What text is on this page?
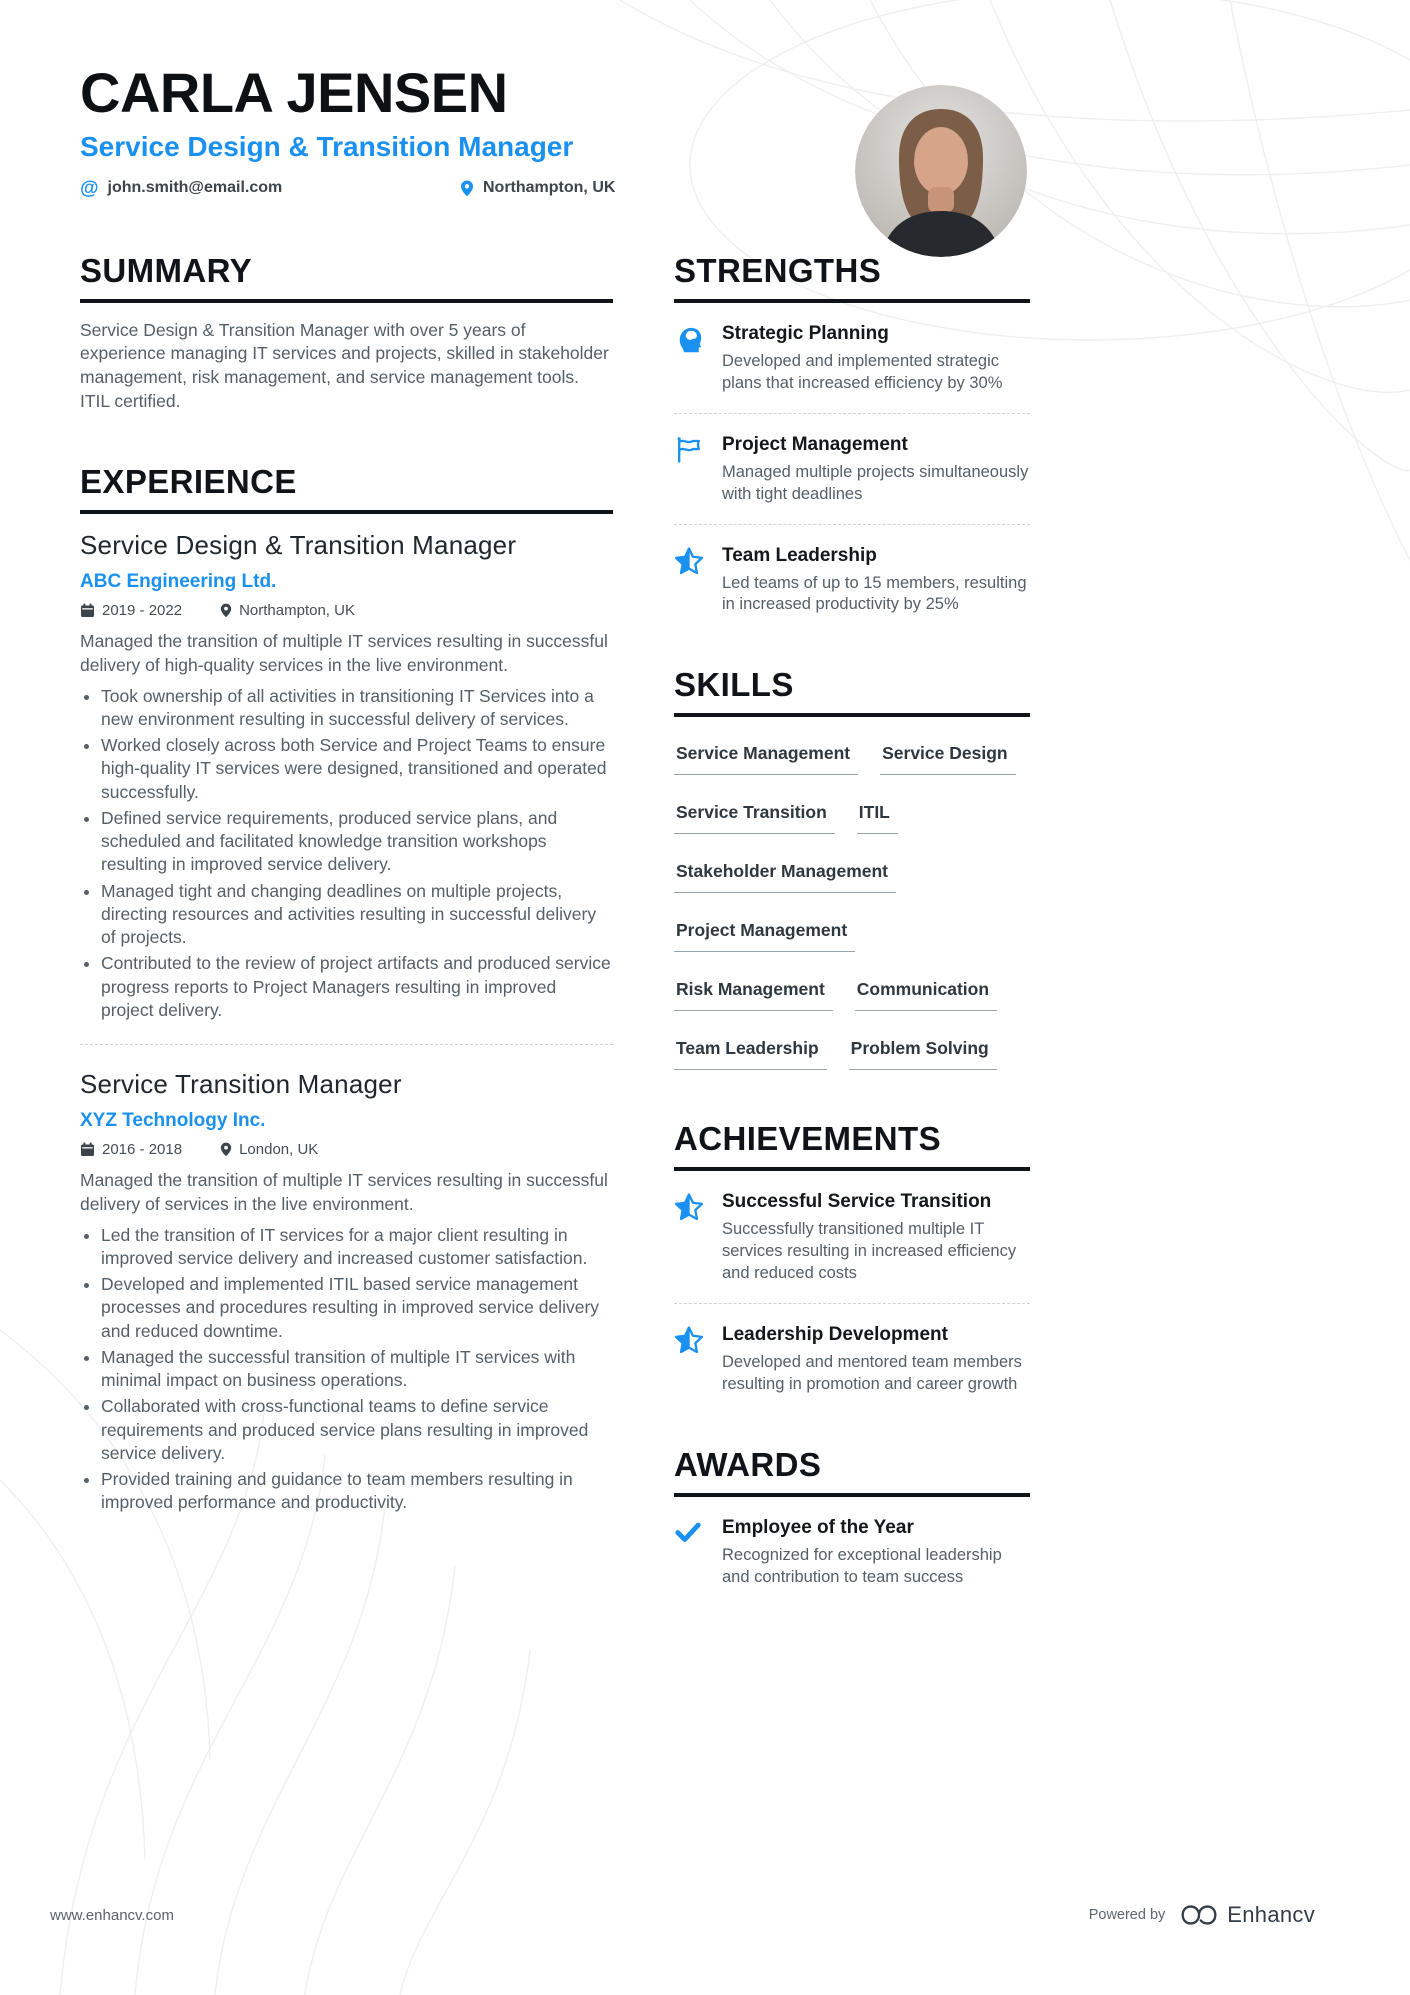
CARLA JENSEN
Service Design & Transition Manager
@ john.smith@email.com	Northampton, UK
SUMMARY

Service Design & Transition Manager with over 5 years of experience managing IT services and projects, skilled in stakeholder management, risk management, and service management tools. ITIL certified.

EXPERIENCE
Service Design & Transition Manager
ABC Engineering Ltd.
2019 - 2022	Northampton, UK
Managed the transition of multiple IT services resulting in successful delivery of high-quality services in the live environment.
• Took ownership of all activities in transitioning IT Services into a new environment resulting in successful delivery of services.
• Worked closely across both Service and Project Teams to ensure high-quality IT services were designed, transitioned and operated successfully.
• Defined service requirements, produced service plans, and scheduled and facilitated knowledge transition workshops resulting in improved service delivery.
• Managed tight and changing deadlines on multiple projects, directing resources and activities resulting in successful delivery of projects.
• Contributed to the review of project artifacts and produced service progress reports to Project Managers resulting in improved project delivery.
Service Transition Manager
XYZ Technology Inc.
2016 - 2018	London, UK
Managed the transition of multiple IT services resulting in successful delivery of services in the live environment.
• Led the transition of IT services for a major client resulting in improved service delivery and increased customer satisfaction.
• Developed and implemented ITIL based service management processes and procedures resulting in improved service delivery and reduced downtime.
• Managed the successful transition of multiple IT services with minimal impact on business operations.
• Collaborated with cross-functional teams to define service requirements and produced service plans resulting in improved service delivery.
• Provided training and guidance to team members resulting in improved performance and productivity.
STRENGTHS
Strategic Planning
Developed and implemented strategic plans that increased efficiency by 30%
Project Management
Managed multiple projects simultaneously with tight deadlines
Team Leadership
Led teams of up to 15 members, resulting in increased productivity by 25%
SKILLS
Service Management	Service Design
Service Transition	ITIL
Stakeholder Management
Project Management
Risk Management	Communication
Team Leadership	Problem Solving
ACHIEVEMENTS
Successful Service Transition
Successfully transitioned multiple IT services resulting in increased efficiency and reduced costs
Leadership Development
Developed and mentored team members resulting in promotion and career growth
AWARDS
Employee of the Year
Recognized for exceptional leadership and contribution to team success
www.enhancv.com	Powered by	Enhancv
